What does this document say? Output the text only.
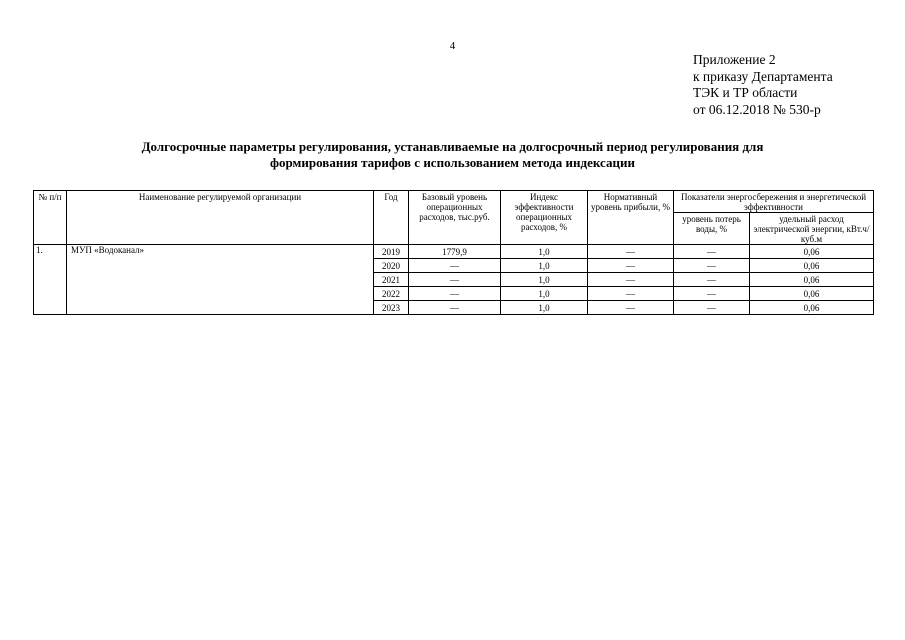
4
Приложение 2
к приказу Департамента
ТЭК и ТР области
от 06.12.2018 № 530-р
Долгосрочные параметры регулирования, устанавливаемые на долгосрочный период регулирования для
формирования тарифов с использованием метода индексации
№ п/п	Наименование регулируемой организации	Год	Базовый уровень операционных расходов, тыс.руб.	Индекс эффективности операционных расходов, %	Нормативный уровень прибыли, %	Показатели энергосбережения и энергетической эффективности	
						уровень потерь воды, %	удельный расход электрической энергии, кВт.ч/куб.м
1.	МУП «Водоканал»	2019	1779,9	1,0	—	—	0,06
		2020	—	1,0	—	—	0,06
		2021	—	1,0	—	—	0,06
		2022	—	1,0	—	—	0,06
		2023	—	1,0	—	—	0,06
